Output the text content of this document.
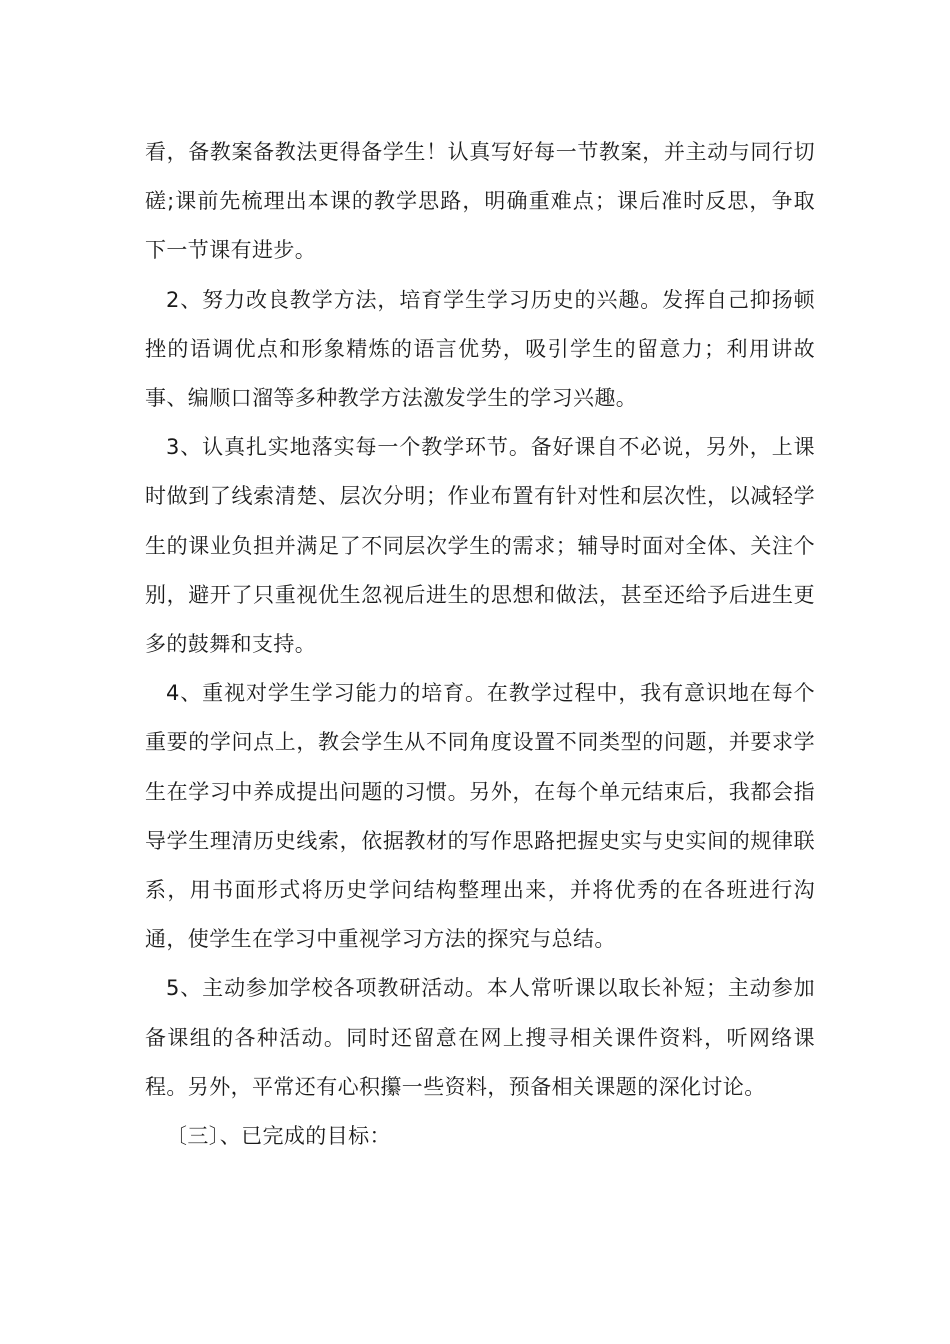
看，备教案备教法更得备学生！认真写好每一节教案，并主动与同行切磋;课前先梳理出本课的教学思路，明确重难点；课后准时反思，争取下一节课有进步。

2、努力改良教学方法，培育学生学习历史的兴趣。发挥自己抑扬顿挫的语调优点和形象精炼的语言优势，吸引学生的留意力；利用讲故事、编顺口溜等多种教学方法激发学生的学习兴趣。

3、认真扎实地落实每一个教学环节。备好课自不必说，另外，上课时做到了线索清楚、层次分明；作业布置有针对性和层次性，以减轻学生的课业负担并满足了不同层次学生的需求；辅导时面对全体、关注个别，避开了只重视优生忽视后进生的思想和做法，甚至还给予后进生更多的鼓舞和支持。

4、重视对学生学习能力的培育。在教学过程中，我有意识地在每个重要的学问点上，教会学生从不同角度设置不同类型的问题，并要求学生在学习中养成提出问题的习惯。另外，在每个单元结束后，我都会指导学生理清历史线索，依据教材的写作思路把握史实与史实间的规律联系，用书面形式将历史学问结构整理出来，并将优秀的在各班进行沟通，使学生在学习中重视学习方法的探究与总结。

5、主动参加学校各项教研活动。本人常听课以取长补短；主动参加备课组的各种活动。同时还留意在网上搜寻相关课件资料，听网络课程。另外，平常还有心积攥一些资料，预备相关课题的深化讨论。

〔三〕、已完成的目标：
